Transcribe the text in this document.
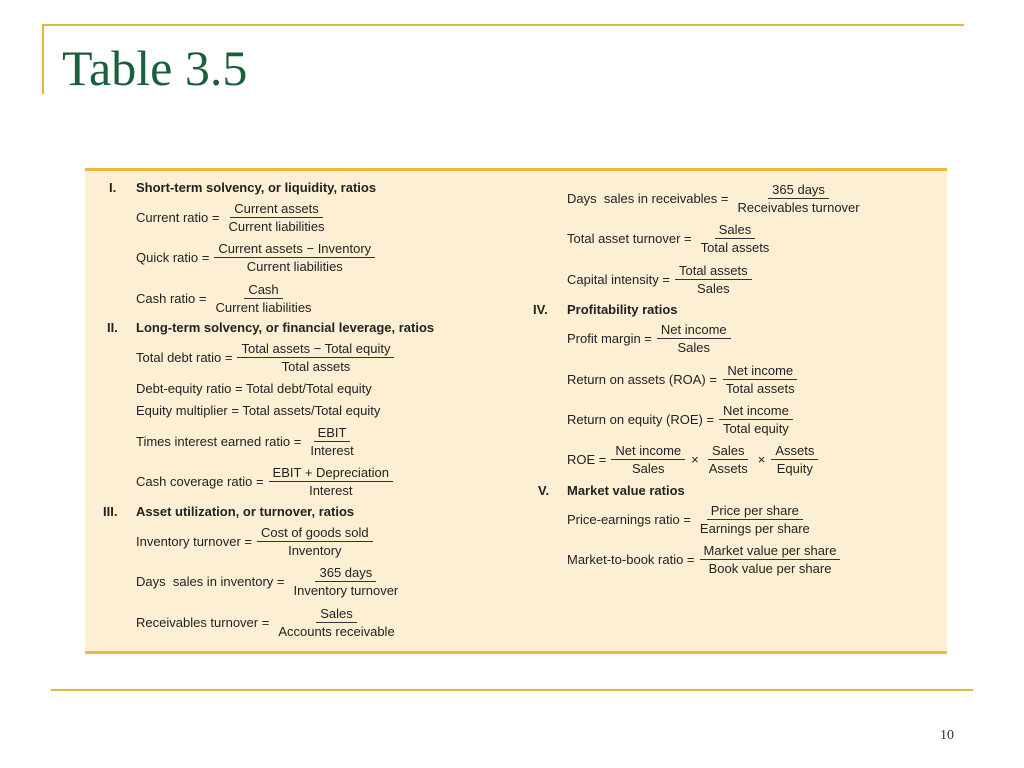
Table 3.5
I. Short-term solvency, or liquidity, ratios
Current ratio = $\frac{\text{Current assets}}{\text{Current liabilities}}$
Quick ratio = $\frac{\text{Current assets − Inventory}}{\text{Current liabilities}}$
Cash ratio = $\frac{\text{Cash}}{\text{Current liabilities}}$
II. Long-term solvency, or financial leverage, ratios
Total debt ratio = $\frac{\text{Total assets − Total equity}}{\text{Total assets}}$
Debt-equity ratio = Total debt/Total equity
Equity multiplier = Total assets/Total equity
Times interest earned ratio = $\frac{\text{EBIT}}{\text{Interest}}$
Cash coverage ratio = $\frac{\text{EBIT + Depreciation}}{\text{Interest}}$
III. Asset utilization, or turnover, ratios
Inventory turnover = $\frac{\text{Cost of goods sold}}{\text{Inventory}}$
Days  sales in inventory = $\frac{\text{365 days}}{\text{Inventory turnover}}$
Receivables turnover = $\frac{\text{Sales}}{\text{Accounts receivable}}$
Days  sales in receivables = $\frac{\text{365 days}}{\text{Receivables turnover}}$
Total asset turnover = $\frac{\text{Sales}}{\text{Total assets}}$
Capital intensity = $\frac{\text{Total assets}}{\text{Sales}}$
IV. Profitability ratios
Profit margin = $\frac{\text{Net income}}{\text{Sales}}$
Return on assets $(ROA) = \frac{\text{Net income}}{\text{Total assets}}$
Return on equity $(ROE) = \frac{\text{Net income}}{\text{Total equity}}$
ROE = $\frac{\text{Net income}}{\text{Sales}} \times \frac{\text{Sales}}{\text{Assets}} \times \frac{\text{Assets}}{\text{Equity}}$
V. Market value ratios
Price-earnings ratio = $\frac{\text{Price per share}}{\text{Earnings per share}}$
Market-to-book ratio = $\frac{\text{Market value per share}}{\text{Book value per share}}$
10
